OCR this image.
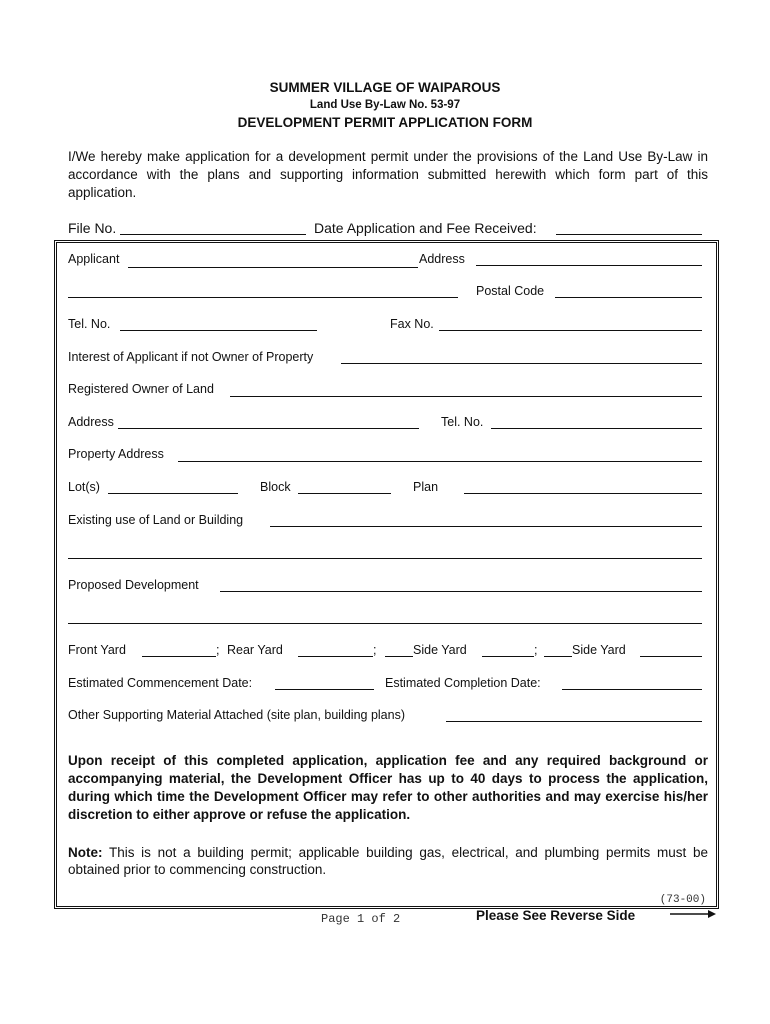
SUMMER VILLAGE OF WAIPAROUS
Land Use By-Law No. 53-97
DEVELOPMENT PERMIT APPLICATION FORM
I/We hereby make application for a development permit under the provisions of the Land Use By-Law in accordance with the plans and supporting information submitted herewith which form part of this application.
File No.	Date Application and Fee Received:
Applicant	Address
Postal Code
Tel. No.	Fax No.
Interest of Applicant if not Owner of Property
Registered Owner of Land
Address	Tel. No.
Property Address
Lot(s)	Block	Plan
Existing use of Land or Building
Proposed Development
Front Yard	; Rear Yard	;	Side Yard	;	Side Yard
Estimated Commencement Date:	Estimated Completion Date:
Other Supporting Material Attached (site plan, building plans)
Upon receipt of this completed application, application fee and any required background or accompanying material, the Development Officer has up to 40 days to process the application, during which time the Development Officer may refer to other authorities and may exercise his/her discretion to either approve or refuse the application.
Note: This is not a building permit; applicable building gas, electrical, and plumbing permits must be obtained prior to commencing construction.
(73-00)
Page 1 of 2	Please See Reverse Side
